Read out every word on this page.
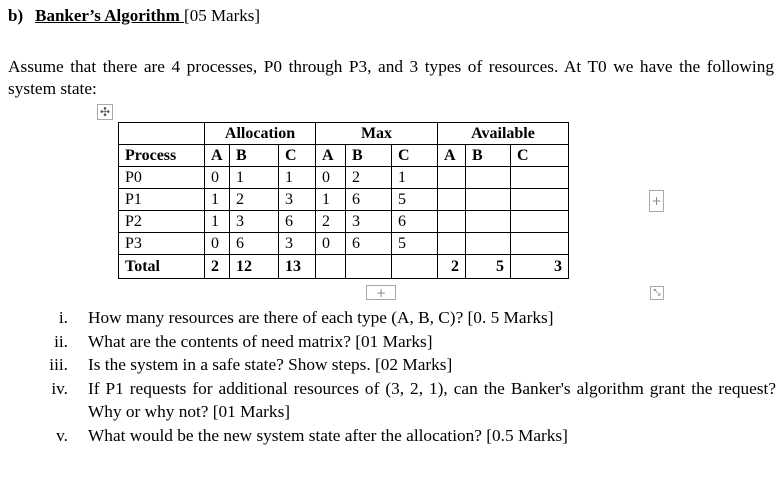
b) Banker’s Algorithm [05 Marks]
Assume that there are 4 processes, P0 through P3, and 3 types of resources. At T0 we have the following system state:
✣
	Allocation			Max			Available		
Process	A	B	C	A	B	C	A	B	C
P0	0	1	1	0	2	1			
P1	1	2	3	1	6	5			
P2	1	3	6	2	3	6			
P3	0	6	3	0	6	5			
Total	2	12	13				2	5	3
+
+	⤡
i. How many resources are there of each type (A, B, C)? [0. 5 Marks]
ii. What are the contents of need matrix? [01 Marks]
iii. Is the system in a safe state? Show steps. [02 Marks]
iv. If P1 requests for additional resources of (3, 2, 1), can the Banker's algorithm grant the request? Why or why not? [01 Marks]
v. What would be the new system state after the allocation? [0.5 Marks]
